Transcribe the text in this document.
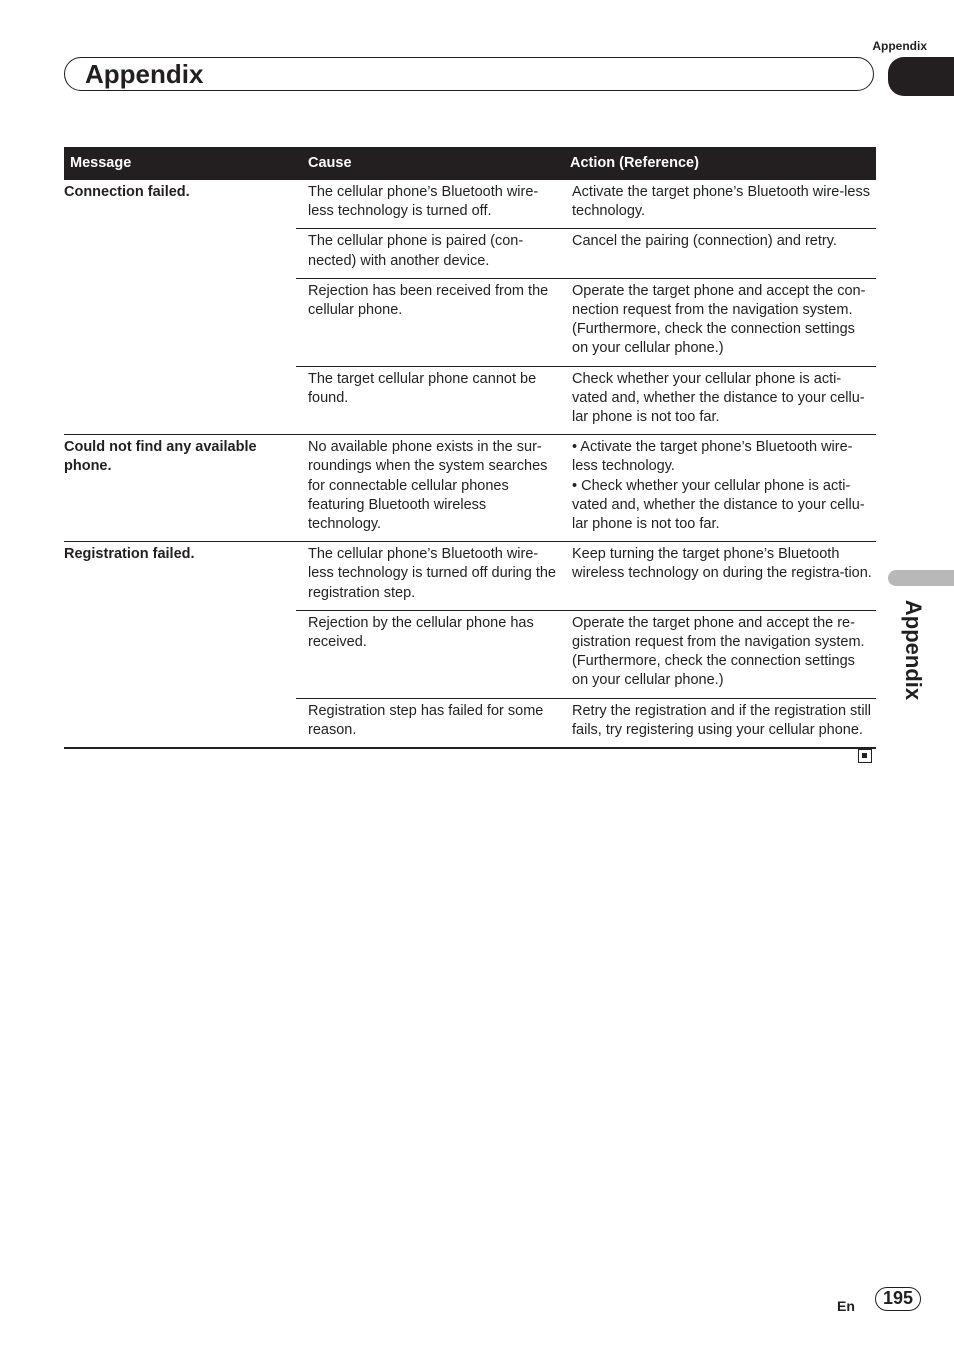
Appendix
Appendix
Appendix
Message	Cause	Action (Reference)
Connection failed.	The cellular phone’s Bluetooth wire-less technology is turned off.	Activate the target phone’s Bluetooth wire-less technology.
	The cellular phone is paired (con-nected) with another device.	Cancel the pairing (connection) and retry.
	Rejection has been received from the cellular phone.	Operate the target phone and accept the con-nection request from the navigation system. (Furthermore, check the connection settings on your cellular phone.)
	The target cellular phone cannot be found.	Check whether your cellular phone is acti-vated and, whether the distance to your cellu-lar phone is not too far.
Could not find any available phone.	No available phone exists in the sur-roundings when the system searches for connectable cellular phones featuring Bluetooth wireless technology.	• Activate the target phone’s Bluetooth wire-less technology.
• Check whether your cellular phone is acti-vated and, whether the distance to your cellu-lar phone is not too far.
Registration failed.	The cellular phone’s Bluetooth wire-less technology is turned off during the registration step.	Keep turning the target phone’s Bluetooth wireless technology on during the registra-tion.
	Rejection by the cellular phone has received.	Operate the target phone and accept the re-gistration request from the navigation system. (Furthermore, check the connection settings on your cellular phone.)
	Registration step has failed for some reason.	Retry the registration and if the registration still fails, try registering using your cellular phone.
En	195
